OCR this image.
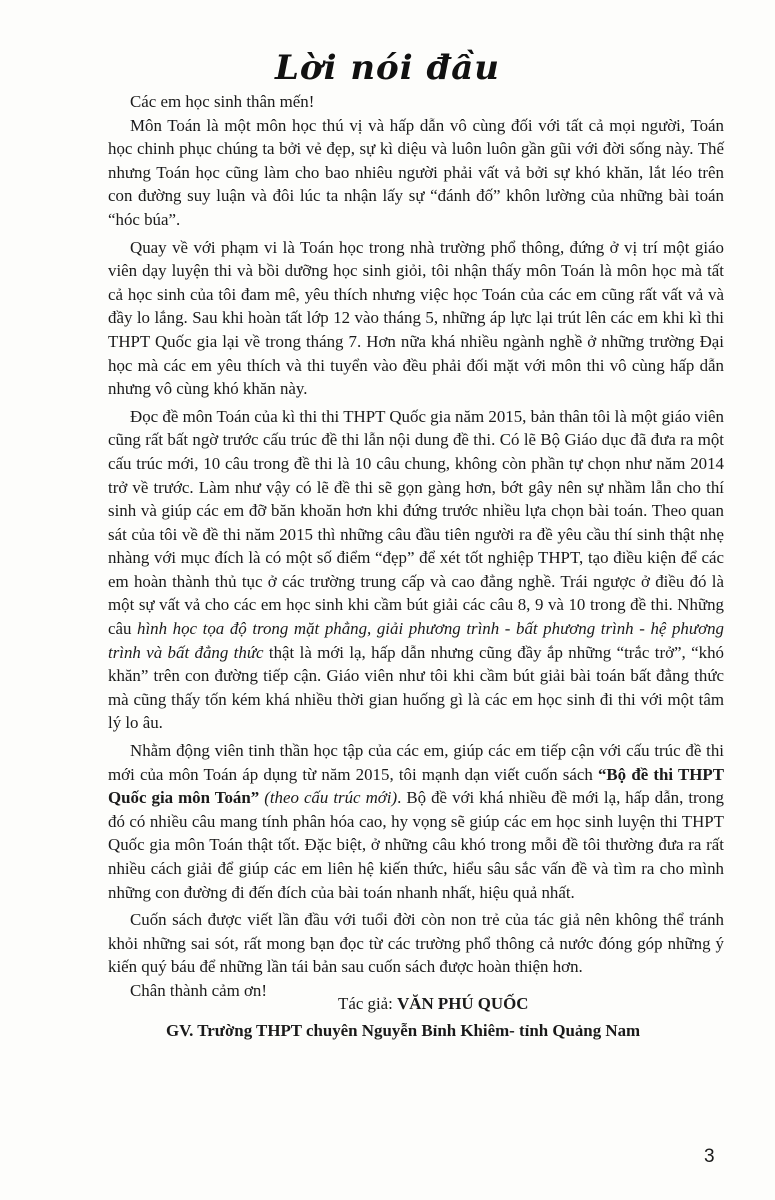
Lời nói đầu

Các em học sinh thân mến!

Môn Toán là một môn học thú vị và hấp dẫn vô cùng đối với tất cả mọi người, Toán học chinh phục chúng ta bởi vẻ đẹp, sự kì diệu và luôn luôn gần gũi với đời sống này. Thế nhưng Toán học cũng làm cho bao nhiêu người phải vất vả bởi sự khó khăn, lắt léo trên con đường suy luận và đôi lúc ta nhận lấy sự “đánh đố” khôn lường của những bài toán “hóc búa”.

Quay về với phạm vi là Toán học trong nhà trường phổ thông, đứng ở vị trí một giáo viên dạy luyện thi và bồi dưỡng học sinh giỏi, tôi nhận thấy môn Toán là môn học mà tất cả học sinh của tôi đam mê, yêu thích nhưng việc học Toán của các em cũng rất vất vả và đầy lo lắng. Sau khi hoàn tất lớp 12 vào tháng 5, những áp lực lại trút lên các em khi kì thi THPT Quốc gia lại về trong tháng 7. Hơn nữa khá nhiều ngành nghề ở những trường Đại học mà các em yêu thích và thi tuyển vào đều phải đối mặt với môn thi vô cùng hấp dẫn nhưng vô cùng khó khăn này.

Đọc đề môn Toán của kì thi thi THPT Quốc gia năm 2015, bản thân tôi là một giáo viên cũng rất bất ngờ trước cấu trúc đề thi lẫn nội dung đề thi. Có lẽ Bộ Giáo dục đã đưa ra một cấu trúc mới, 10 câu trong đề thi là 10 câu chung, không còn phần tự chọn như năm 2014 trở về trước. Làm như vậy có lẽ đề thi sẽ gọn gàng hơn, bớt gây nên sự nhầm lẫn cho thí sinh và giúp các em đỡ băn khoăn hơn khi đứng trước nhiều lựa chọn bài toán. Theo quan sát của tôi về đề thi năm 2015 thì những câu đầu tiên người ra đề yêu cầu thí sinh thật nhẹ nhàng với mục đích là có một số điểm “đẹp” để xét tốt nghiệp THPT, tạo điều kiện để các em hoàn thành thủ tục ở các trường trung cấp và cao đẳng nghề. Trái ngược ở điều đó là một sự vất vả cho các em học sinh khi cầm bút giải các câu 8, 9 và 10 trong đề thi. Những câu hình học tọa độ trong mặt phẳng, giải phương trình - bất phương trình - hệ phương trình và bất đẳng thức thật là mới lạ, hấp dẫn nhưng cũng đầy ắp những “trắc trở”, “khó khăn” trên con đường tiếp cận. Giáo viên như tôi khi cầm bút giải bài toán bất đẳng thức mà cũng thấy tốn kém khá nhiều thời gian huống gì là các em học sinh đi thi với một tâm lý lo âu.

Nhằm động viên tinh thần học tập của các em, giúp các em tiếp cận với cấu trúc đề thi mới của môn Toán áp dụng từ năm 2015, tôi mạnh dạn viết cuốn sách “Bộ đề thi THPT Quốc gia môn Toán” (theo cấu trúc mới). Bộ đề với khá nhiều đề mới lạ, hấp dẫn, trong đó có nhiều câu mang tính phân hóa cao, hy vọng sẽ giúp các em học sinh luyện thi THPT Quốc gia môn Toán thật tốt. Đặc biệt, ở những câu khó trong mỗi đề tôi thường đưa ra rất nhiều cách giải để giúp các em liên hệ kiến thức, hiểu sâu sắc vấn đề và tìm ra cho mình những con đường đi đến đích của bài toán nhanh nhất, hiệu quả nhất.

Cuốn sách được viết lần đầu với tuổi đời còn non trẻ của tác giả nên không thể tránh khỏi những sai sót, rất mong bạn đọc từ các trường phổ thông cả nước đóng góp những ý kiến quý báu để những lần tái bản sau cuốn sách được hoàn thiện hơn.

Chân thành cảm ơn!

Tác giả: VĂN PHÚ QUỐC
GV. Trường THPT chuyên Nguyễn Bỉnh Khiêm- tỉnh Quảng Nam
3
